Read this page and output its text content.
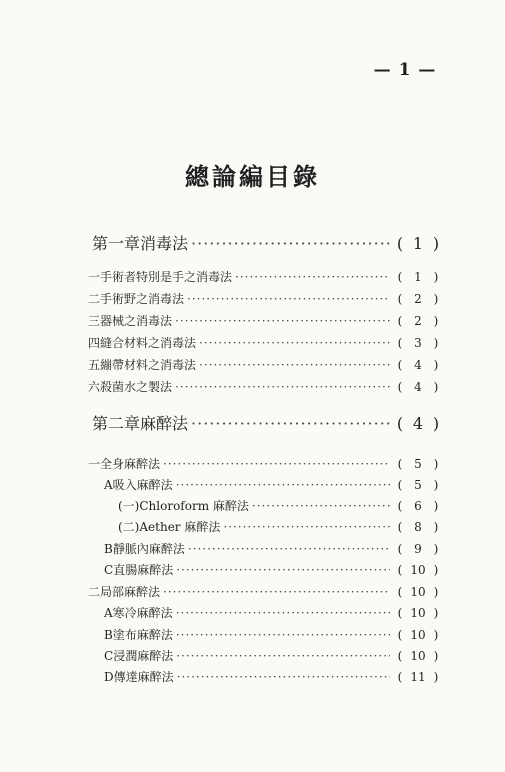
— 1 —
總論編目錄
第一章 消毒法 ·····	( 1 )
一 手術者特別是手之消毒法 ·····	( 1 )
二 手術野之消毒法 ·····	( 2 )
三 器械之消毒法 ·····	( 2 )
四 縫合材料之消毒法 ·····	( 3 )
五 繃帶材料之消毒法 ·····	( 4 )
六 殺菌水之製法 ·····	( 4 )
第二章 麻醉法 ·····	( 4 )
一 全身麻醉法 ·····	( 5 )
A 吸入麻醉法 ·····	( 5 )
(一) Chloroform 麻醉法 ·····	( 6 )
(二) Aether 麻醉法 ·····	( 8 )
B 靜脈內麻醉法 ·····	( 9 )
C 直腸麻醉法 ·····	( 10 )
二 局部麻醉法 ·····	( 10 )
A 寒冷麻醉法 ·····	( 10 )
B 塗布麻醉法 ·····	( 10 )
C 浸潤麻醉法 ·····	( 10 )
D 傳達麻醉法 ·····	( 11 )
